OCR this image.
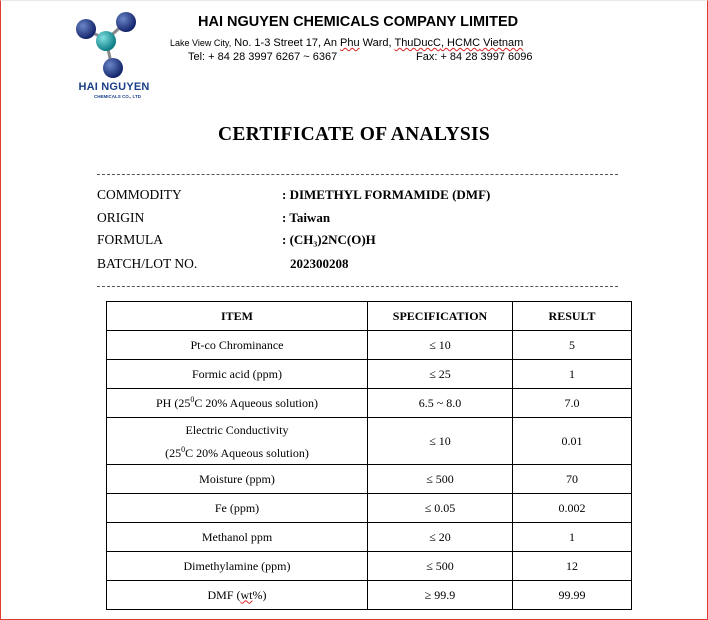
HAI NGUYEN
CHEMICALS CO., LTD
HAI NGUYEN CHEMICALS COMPANY LIMITED
Lake View City, No. 1-3 Street 17, An Phu Ward, ThuDucC, HCMC Vietnam
Tel: + 84 28 3997 6267 ~ 6367	Fax: + 84 28 3997 6096
CERTIFICATE OF ANALYSIS
COMMODITY	: DIMETHYL FORMAMIDE (DMF)
ORIGIN	: Taiwan
FORMULA	: (CH₃)2NC(O)H
BATCH/LOT NO.	202300208
ITEM	SPECIFICATION	RESULT
Pt-co Chrominance	≤ 10	5
Formic acid (ppm)	≤ 25	1
PH ($25^0C$ 20% Aqueous solution)	6.5 ~ 8.0	7.0
Electric Conductivity
($25^0C$ 20% Aqueous solution)	≤ 10	0.01
Moisture (ppm)	≤ 500	70
Fe (ppm)	≤ 0.05	0.002
Methanol ppm	≤ 20	1
Dimethylamine (ppm)	≤ 500	12
DMF (wt%)	≥ 99.9	99.99
